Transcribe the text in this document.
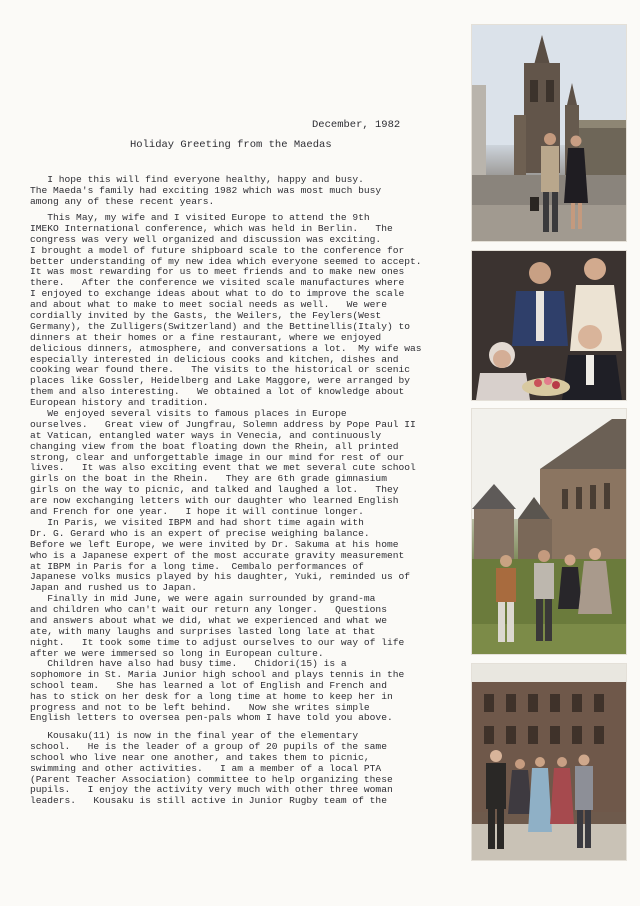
December, 1982
Holiday Greeting from the Maedas
I hope this will find everyone healthy, happy and busy.
The Maeda's family had exciting 1982 which was most much busy
among any of these recent years.
This May, my wife and I visited Europe to attend the 9th
IMEKO International conference, which was held in Berlin.   The
congress was very well organized and discussion was exciting.
I brought a model of future shipboard scale to the conference for
better understanding of my new idea which everyone seemed to accept.
It was most rewarding for us to meet friends and to make new ones
there.   After the conference we visited scale manufactures where
I enjoyed to exchange ideas about what to do to improve the scale
and about what to make to meet social needs as well.   We were
cordially invited by the Gasts, the Weilers, the Feylers(West
Germany), the Zulligers(Switzerland) and the Bettinellis(Italy) to
dinners at their homes or a fine restaurant, where we enjoyed
delicious dinners, atmosphere, and conversations a lot.  My wife was
especially interested in delicious cooks and kitchen, dishes and
cooking wear found there.   The visits to the historical or scenic
places like Gossler, Heidelberg and Lake Maggore, were arranged by
them and also interesting.   We obtained a lot of knowledge about
European history and tradition.
We enjoyed several visits to famous places in Europe
ourselves.   Great view of Jungfrau, Solemn address by Pope Paul II
at Vatican, entangled water ways in Venecia, and continuously
changing view from the boat floating down the Rhein, all printed
strong, clear and unforgettable image in our mind for rest of our
lives.   It was also exciting event that we met several cute school
girls on the boat in the Rhein.   They are 6th grade gimnasium
girls on the way to picnic, and talked and laughed a lot.   They
are now exchanging letters with our daughter who learned English
and French for one year.   I hope it will continue longer.
In Paris, we visited IBPM and had short time again with
Dr. G. Gerard who is an expert of precise weighing balance.
Before we left Europe, we were invited by Dr. Sakuma at his home
who is a Japanese expert of the most accurate gravity measurement
at IBPM in Paris for a long time.  Cembalo performances of
Japanese volks musics played by his daughter, Yuki, reminded us of
Japan and rushed us to Japan.
Finally in mid June, we were again surrounded by grand-ma
and children who can't wait our return any longer.   Questions
and answers about what we did, what we experienced and what we
ate, with many laughs and surprises lasted long late at that
night.   It took some time to adjust ourselves to our way of life
after we were immersed so long in European culture.
Children have also had busy time.   Chidori(15) is a
sophomore in St. Maria Junior high school and plays tennis in the
school team.   She has learned a lot of English and French and
has to stick on her desk for a long time at home to keep her in
progress and not to be left behind.   Now she writes simple
English letters to oversea pen-pals whom I have told you above.
Kousaku(11) is now in the final year of the elementary
school.   He is the leader of a group of 20 pupils of the same
school who live near one another, and takes them to picnic,
swimming and other activities.   I am a member of a local PTA
(Parent Teacher Association) committee to help organizing these
pupils.   I enjoy the activity very much with other three woman
leaders.   Kousaku is still active in Junior Rugby team of the
